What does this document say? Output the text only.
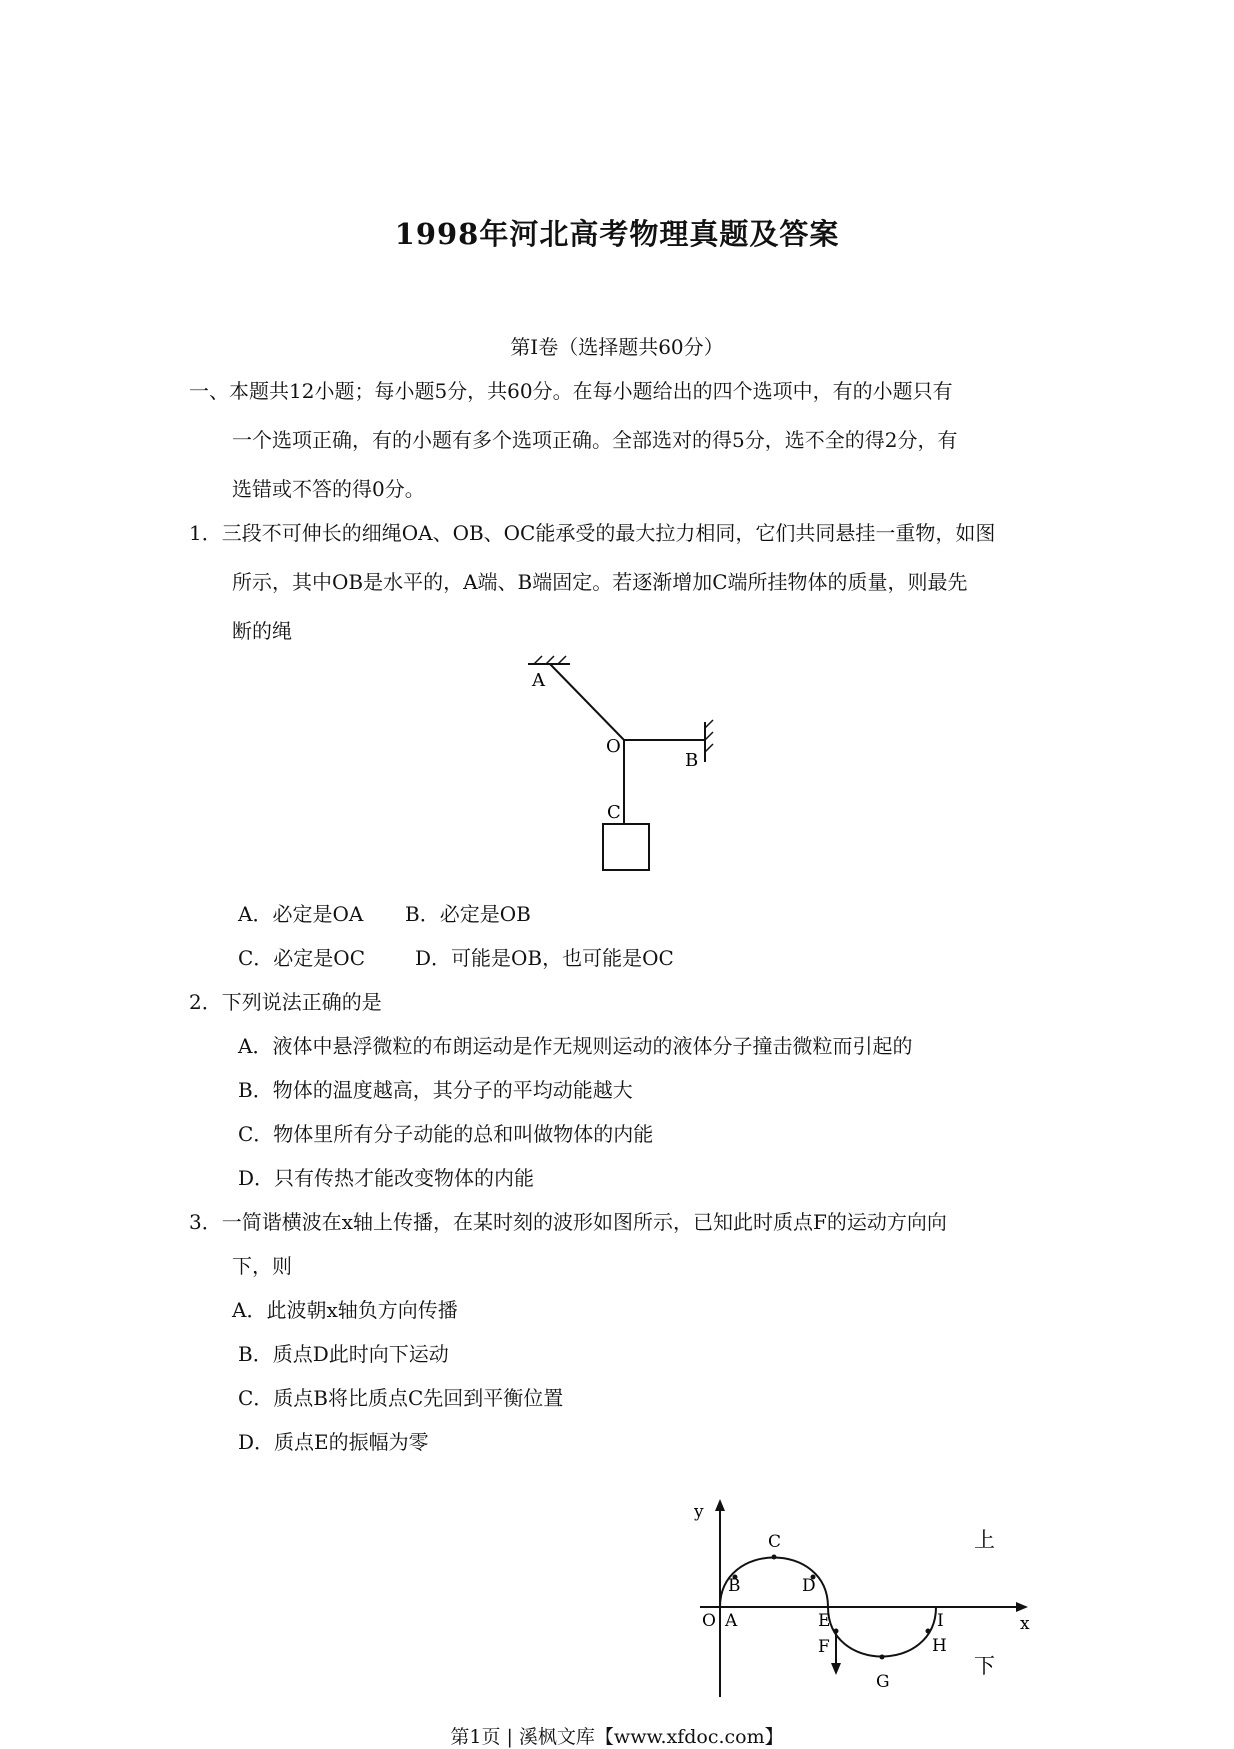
1998年河北高考物理真题及答案
第Ⅰ卷（选择题共60分）
一、本题共12小题；每小题5分，共60分。在每小题给出的四个选项中，有的小题只有
一个选项正确，有的小题有多个选项正确。全部选对的得5分，选不全的得2分，有
选错或不答的得0分。
1．三段不可伸长的细绳OA、OB、OC能承受的最大拉力相同，它们共同悬挂一重物，如图
所示，其中OB是水平的，A端、B端固定。若逐渐增加C端所挂物体的质量，则最先
断的绳
A
O
B
C
A．必定是OA B．必定是OB
C．必定是OC D．可能是OB，也可能是OC
2．下列说法正确的是
A．液体中悬浮微粒的布朗运动是作无规则运动的液体分子撞击微粒而引起的
B．物体的温度越高，其分子的平均动能越大
C．物体里所有分子动能的总和叫做物体的内能
D．只有传热才能改变物体的内能
3．一简谐横波在x轴上传播，在某时刻的波形如图所示，已知此时质点F的运动方向向
下，则
A．此波朝x轴负方向传播
B．质点D此时向下运动
C．质点B将比质点C先回到平衡位置
D．质点E的振幅为零
y
x
O A
B
C
D
E
F
G
H
I
上
下
第1页 | 溪枫文库【www.xfdoc.com】
